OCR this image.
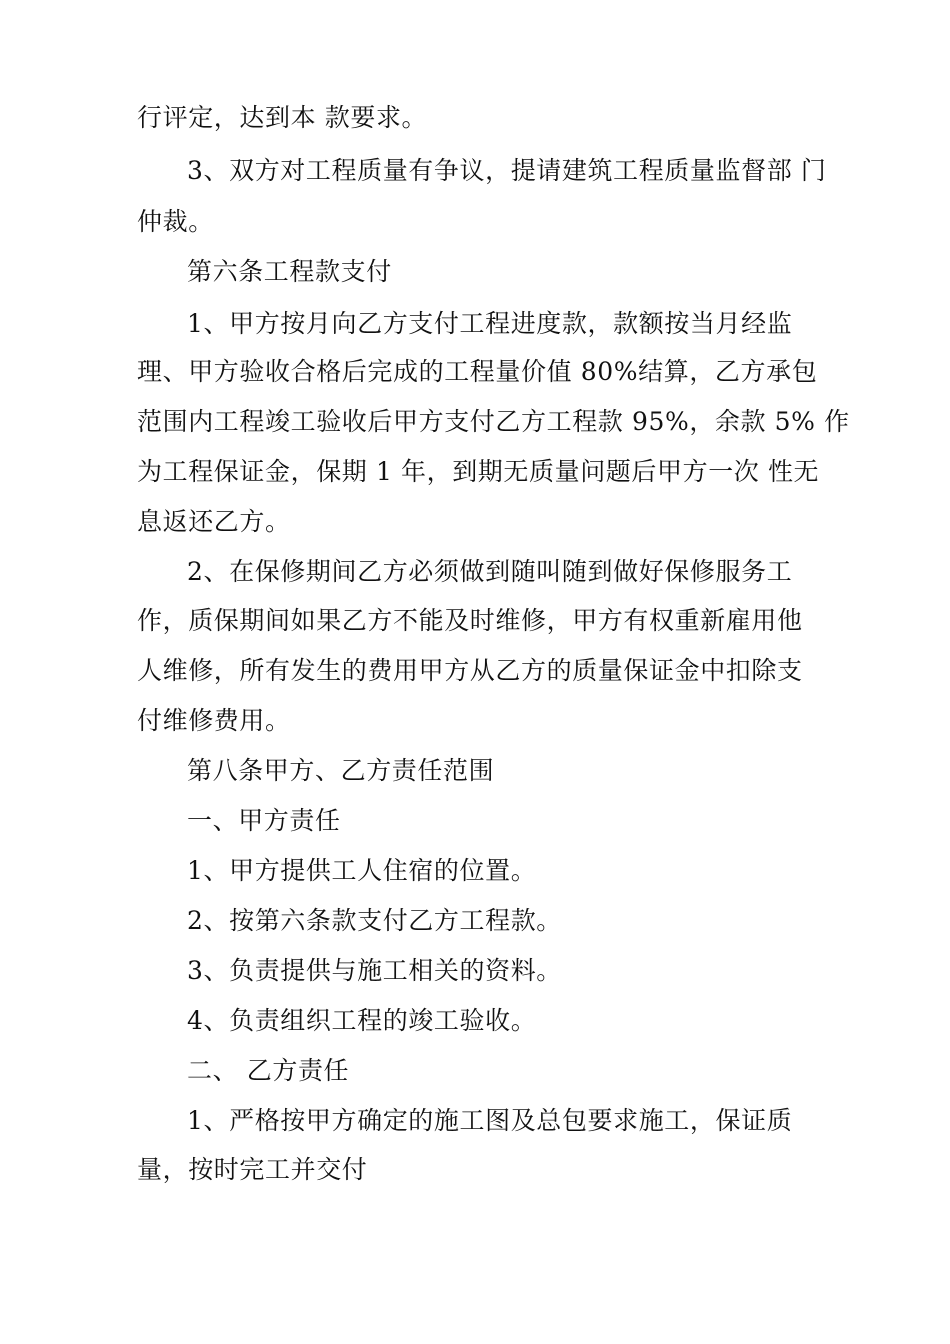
行评定，达到本 款要求。
3、双方对工程质量有争议，提请建筑工程质量监督部 门
仲裁。
第六条工程款支付
1、甲方按月向乙方支付工程进度款，款额按当月经监
理、甲方验收合格后完成的工程量价值 80%结算，乙方承包
范围内工程竣工验收后甲方支付乙方工程款 95%，余款 5% 作
为工程保证金，保期 1 年，到期无质量问题后甲方一次 性无
息返还乙方。
2、在保修期间乙方必须做到随叫随到做好保修服务工
作，质保期间如果乙方不能及时维修，甲方有权重新雇用他
人维修，所有发生的费用甲方从乙方的质量保证金中扣除支
付维修费用。
第八条甲方、乙方责任范围
一、甲方责任
1、甲方提供工人住宿的位置。
2、按第六条款支付乙方工程款。
3、负责提供与施工相关的资料。
4、负责组织工程的竣工验收。
二、 乙方责任
1、严格按甲方确定的施工图及总包要求施工，保证质
量，按时完工并交付
